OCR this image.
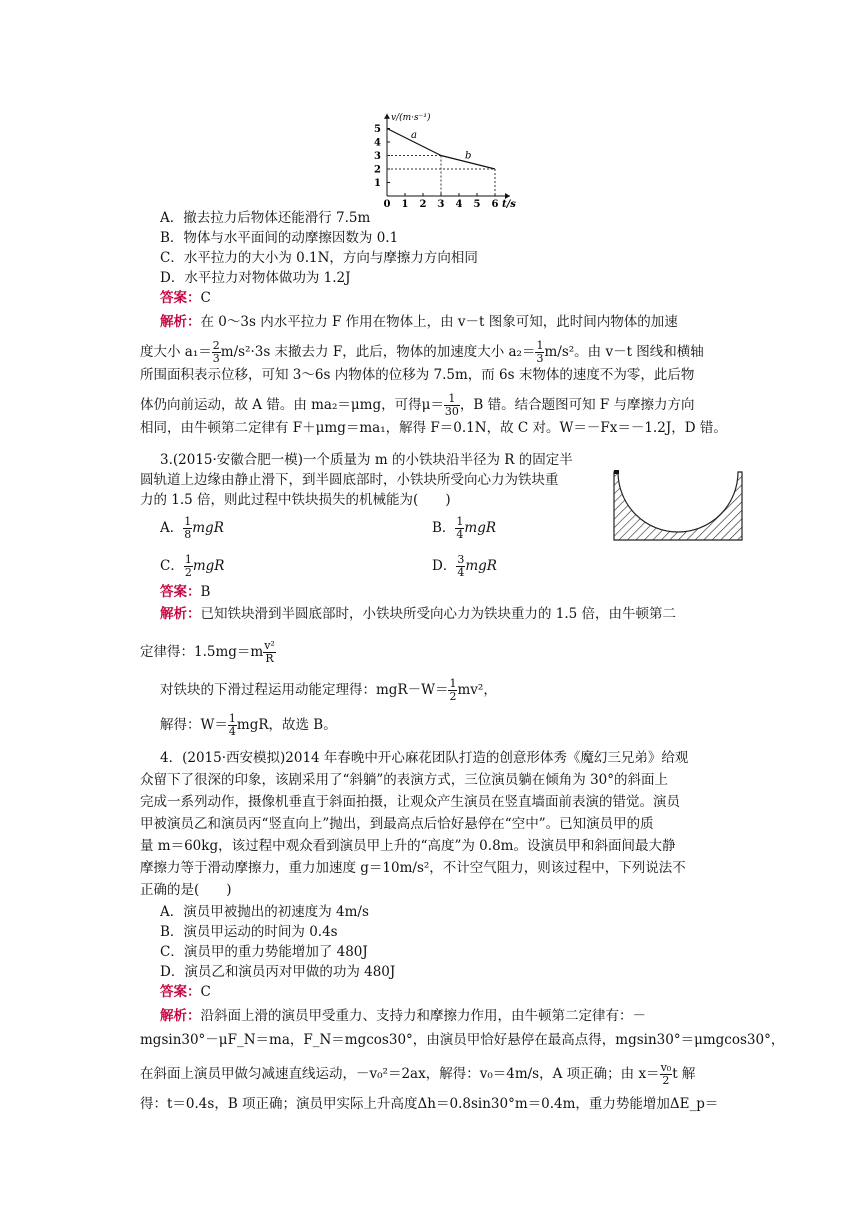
0 1 2 3 4 5 6
1
2
3
4
5
v/(m·s⁻¹)
t/s
a
b
A．撤去拉力后物体还能滑行 7.5m
B．物体与水平面间的动摩擦因数为 0.1
C．水平拉力的大小为 0.1N，方向与摩擦力方向相同
D．水平拉力对物体做功为 1.2J
答案：C
解析：在 0～3s 内水平拉力 F 作用在物体上，由 v－t 图象可知，此时间内物体的加速
度大小 $a_1= \frac{2}{3} m/s^2\cdot 3s$ 末撤去力 F，此后，物体的加速度大小 $a_2= \frac{1}{3} m/s^2$。由 v－t 图线和横轴
所围面积表示位移，可知 3～6s 内物体的位移为 7.5m，而 6s 末物体的速度不为零，此后物
体仍向前运动，故 A 错。由 ma₂＝μmg，可得$\mu= \frac{1}{30}$ ，B 错。结合题图可知 F 与摩擦力方向
相同，由牛顿第二定律有 F＋μmg＝ma₁，解得 F＝0.1N，故 C 对。W＝－Fx＝－1.2J，D 错。
3.(2015·安徽合肥一模)一个质量为 m 的小铁块沿半径为 R 的固定半
圆轨道上边缘由静止滑下，到半圆底部时，小铁块所受向心力为铁块重
力的 1.5 倍，则此过程中铁块损失的机械能为(　　)
A． $\frac{1}{8}$ mgR	B． $\frac{1}{4}$ mgR
C． $\frac{1}{2}$ mgR	D． $\frac{3}{4}$ mgR
答案：B
解析：已知铁块滑到半圆底部时，小铁块所受向心力为铁块重力的 1.5 倍，由牛顿第二
定律得：$1.5mg=m \frac{\text{v²}}{R}$
对铁块的下滑过程运用动能定理得：$mgR-W= \frac{1}{2} mv^2$，
解得：$W= \frac{1}{4}$ mgR，故选 B。
4．(2015·西安模拟)2014 年春晚中开心麻花团队打造的创意形体秀《魔幻三兄弟》给观
众留下了很深的印象，该剧采用了“斜躺”的表演方式，三位演员躺在倾角为 30°的斜面上
完成一系列动作，摄像机垂直于斜面拍摄，让观众产生演员在竖直墙面前表演的错觉。演员
甲被演员乙和演员丙“竖直向上”抛出，到最高点后恰好悬停在“空中”。已知演员甲的质
量 m＝60kg，该过程中观众看到演员甲上升的“高度”为 0.8m。设演员甲和斜面间最大静
摩擦力等于滑动摩擦力，重力加速度 g＝10m/s²，不计空气阻力，则该过程中，下列说法不
正确的是(　　)
A．演员甲被抛出的初速度为 4m/s
B．演员甲运动的时间为 0.4s
C．演员甲的重力势能增加了 480J
D．演员乙和演员丙对甲做的功为 480J
答案：C
解析：沿斜面上滑的演员甲受重力、支持力和摩擦力作用，由牛顿第二定律有：－
mgsin30°－μF_N＝ma，F_N＝mgcos30°，由演员甲恰好悬停在最高点得，mgsin30°＝μmgcos30°，
在斜面上演员甲做匀减速直线运动，－v₀²＝2ax，解得：v₀＝4m/s，A 项正确；由 $x= \frac{\text{v₀}}{2}$ t 解
得：t＝0.4s，B 项正确；演员甲实际上升高度Δh＝0.8sin30°m＝0.4m，重力势能增加ΔE_p＝
